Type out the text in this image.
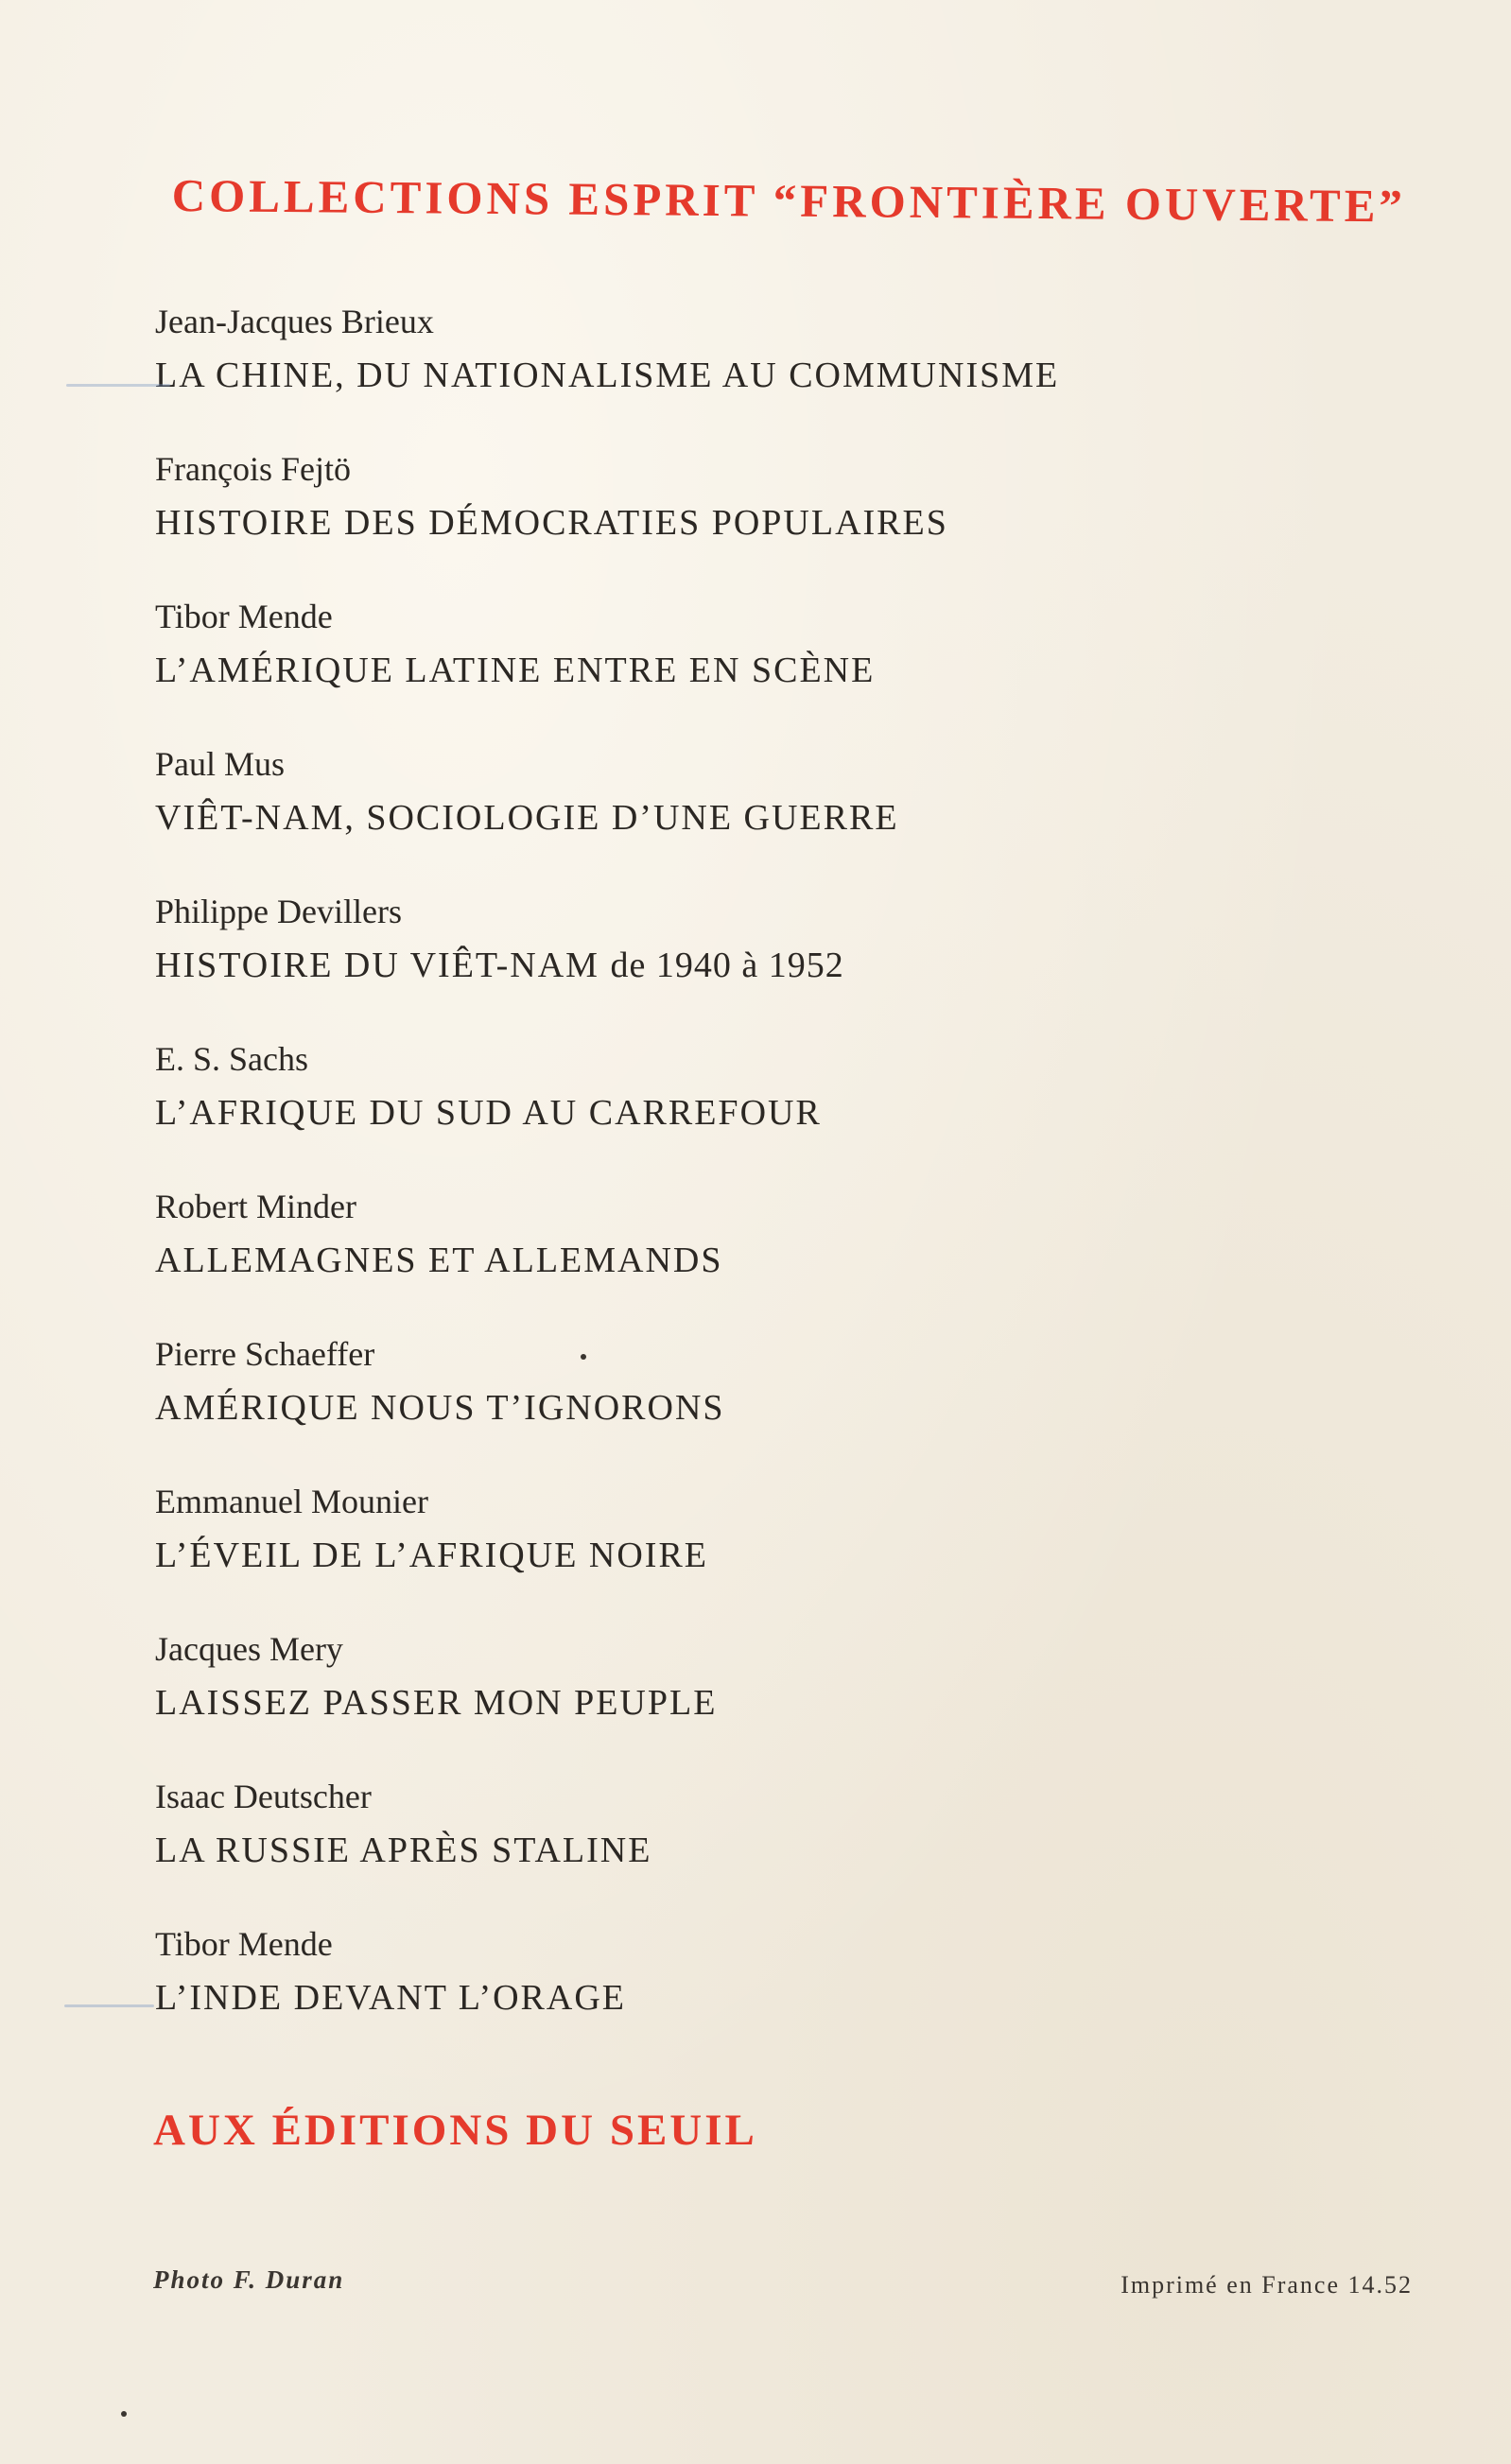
COLLECTIONS ESPRIT “FRONTIÈRE OUVERTE”
Jean-Jacques Brieux
LA CHINE, DU NATIONALISME AU COMMUNISME
François Fejtö
HISTOIRE DES DÉMOCRATIES POPULAIRES
Tibor Mende
L’AMÉRIQUE LATINE ENTRE EN SCÈNE
Paul Mus
VIÊT-NAM, SOCIOLOGIE D’UNE GUERRE
Philippe Devillers
HISTOIRE DU VIÊT-NAM de 1940 à 1952
E. S. Sachs
L’AFRIQUE DU SUD AU CARREFOUR
Robert Minder
ALLEMAGNES ET ALLEMANDS
Pierre Schaeffer
AMÉRIQUE NOUS T’IGNORONS
Emmanuel Mounier
L’ÉVEIL DE L’AFRIQUE NOIRE
Jacques Mery
LAISSEZ PASSER MON PEUPLE
Isaac Deutscher
LA RUSSIE APRÈS STALINE
Tibor Mende
L’INDE DEVANT L’ORAGE
AUX ÉDITIONS DU SEUIL
Photo F. Duran	Imprimé en France 14.52
